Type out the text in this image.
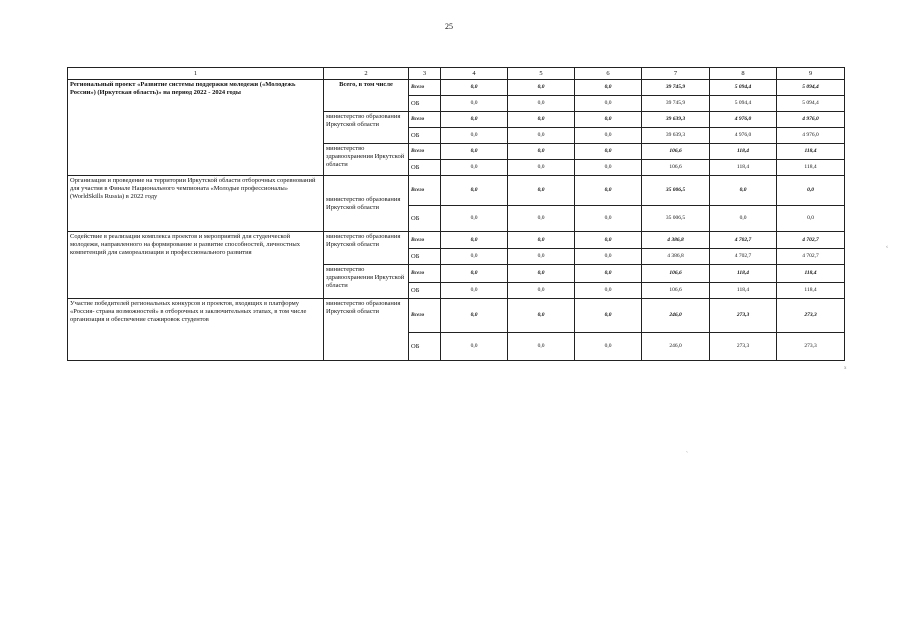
25
1	2	3	4	5	6	7	8	9
Региональный проект «Развитие системы поддержки молодежи («Молодежь России») (Иркутская область)» на период 2022 - 2024 годы	Всего, в том числе	Всего	0,0	0,0	0,0	39 745,9	5 094,4	5 094,4
		ОБ	0,0	0,0	0,0	39 745,9	5 094,4	5 094,4
	министерство образования Иркутской области	Всего	0,0	0,0	0,0	39 639,3	4 976,0	4 976,0
		ОБ	0,0	0,0	0,0	39 639,3	4 976,0	4 976,0
	министерство здравоохранения Иркутской области	Всего	0,0	0,0	0,0	106,6	118,4	118,4
		ОБ	0,0	0,0	0,0	106,6	118,4	118,4
Организация и проведение на территории Иркутской области отборочных соревнований для участия в Финале Национального чемпионата «Молодые профессионалы» (WorldSkills Russia) в 2022 году	министерство образования Иркутской области	Всего	0,0	0,0	0,0	35 006,5	0,0	0,0
		ОБ	0,0	0,0	0,0	35 006,5	0,0	0,0
Содействие в реализации комплекса проектов и мероприятий для студенческой молодежи, направленного на формирование и развитие способностей, личностных компетенций для самореализации и профессионального развития	министерство образования Иркутской области	Всего	0,0	0,0	0,0	4 386,8	4 702,7	4 702,7
		ОБ	0,0	0,0	0,0	4 386,8	4 702,7	4 702,7
	министерство здравоохранения Иркутской области	Всего	0,0	0,0	0,0	106,6	118,4	118,4
		ОБ	0,0	0,0	0,0	106,6	118,4	118,4
Участие победителей региональных конкурсов и проектов, входящих в платформу «Россия- страна возможностей» в отборочных и заключительных этапах, в том числе организация и обеспечение стажировок студентов	министерство образования Иркутской области	Всего	0,0	0,0	0,0	246,0	273,3	273,3
		ОБ	0,0	0,0	0,0	246,0	273,3	273,3
‹
`
x
